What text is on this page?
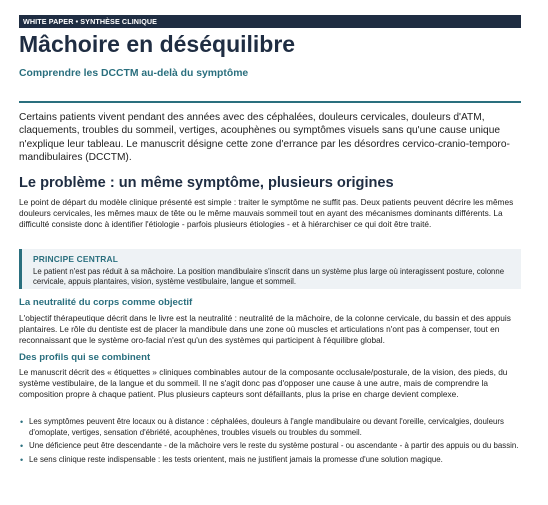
WHITE PAPER • SYNTHÈSE CLINIQUE
Mâchoire en déséquilibre
Comprendre les DCCTM au-delà du symptôme

Certains patients vivent pendant des années avec des céphalées, douleurs cervicales, douleurs d'ATM, claquements, troubles du sommeil, vertiges, acouphènes ou symptômes visuels sans qu'une cause unique n'explique leur tableau. Le manuscrit désigne cette zone d'errance par les désordres cervico-cranio-temporo-mandibulaires (DCCTM).

Le problème : un même symptôme, plusieurs origines

Le point de départ du modèle clinique présenté est simple : traiter le symptôme ne suffit pas. Deux patients peuvent décrire les mêmes douleurs cervicales, les mêmes maux de tête ou le même mauvais sommeil tout en ayant des mécanismes dominants différents. La difficulté consiste donc à identifier l'étiologie - parfois plusieurs étiologies - et à hiérarchiser ce qui doit être traité.

PRINCIPE CENTRAL
Le patient n'est pas réduit à sa mâchoire. La position mandibulaire s'inscrit dans un système plus large où interagissent posture, colonne cervicale, appuis plantaires, vision, système vestibulaire, langue et sommeil.
La neutralité du corps comme objectif

L'objectif thérapeutique décrit dans le livre est la neutralité : neutralité de la mâchoire, de la colonne cervicale, du bassin et des appuis plantaires. Le rôle du dentiste est de placer la mandibule dans une zone où muscles et articulations n'ont pas à compenser, tout en reconnaissant que le système oro-facial n'est qu'un des systèmes qui participent à l'équilibre global.

Des profils qui se combinent

Le manuscrit décrit des « étiquettes » cliniques combinables autour de la composante occlusale/posturale, de la vision, des pieds, du système vestibulaire, de la langue et du sommeil. Il ne s'agit donc pas d'opposer une cause à une autre, mais de comprendre la composition propre à chaque patient. Plus plusieurs capteurs sont défaillants, plus la prise en charge devient complexe.

• Les symptômes peuvent être locaux ou à distance : céphalées, douleurs à l'angle mandibulaire ou devant l'oreille, cervicalgies, douleurs d'omoplate, vertiges, sensation d'ébriété, acouphènes, troubles visuels ou troubles du sommeil.
• Une déficience peut être descendante - de la mâchoire vers le reste du système postural - ou ascendante - à partir des appuis ou du bassin.
• Le sens clinique reste indispensable : les tests orientent, mais ne justifient jamais la promesse d'une solution magique.
